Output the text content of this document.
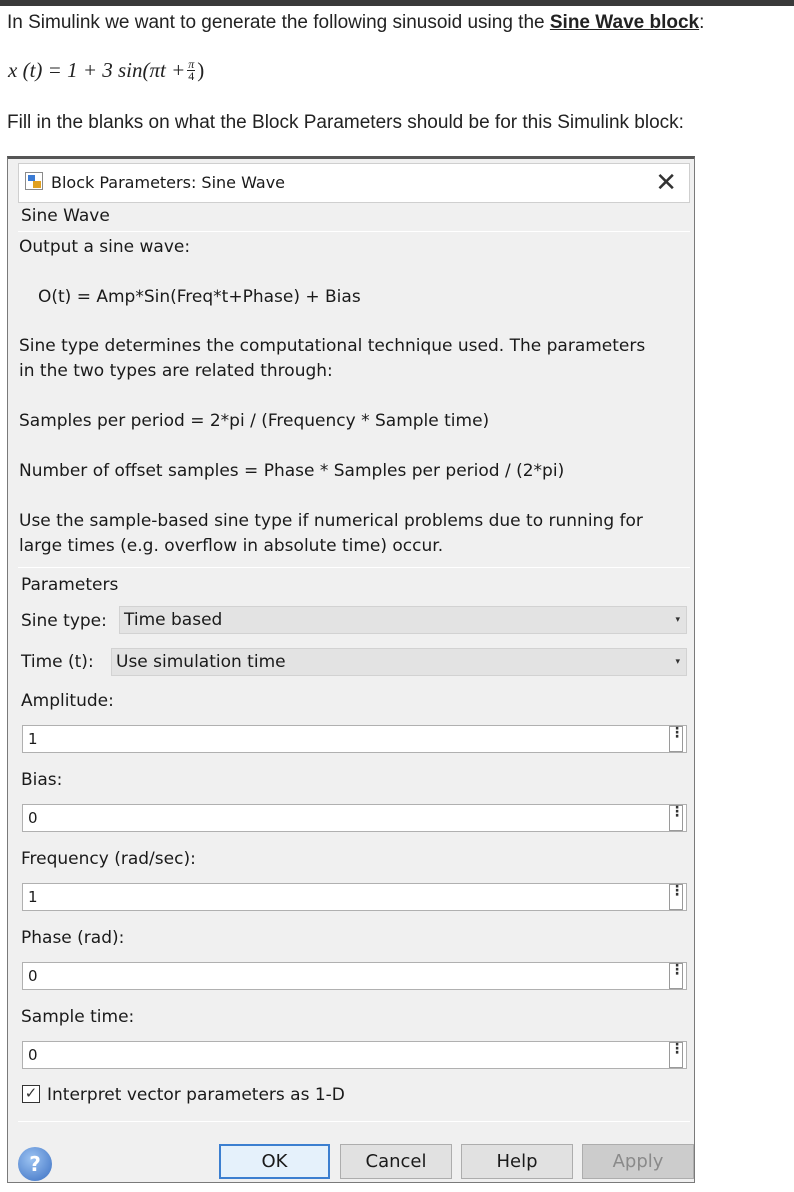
In Simulink we want to generate the following sinusoid using the Sine Wave block:
x (t) = 1 + 3 $\sin(\pi t + \frac{\pi}{4}$ )
Fill in the blanks on what the Block Parameters should be for this Simulink block:
Block Parameters: Sine Wave	✕
Sine Wave
Output a sine wave:
O(t) = Amp*Sin(Freq*t+Phase) + Bias
Sine type determines the computational technique used. The parameters
in the two types are related through:
Samples per period = 2*pi / (Frequency * Sample time)
Number of offset samples = Phase * Samples per period / (2*pi)
Use the sample-based sine type if numerical problems due to running for
large times (e.g. overflow in absolute time) occur.
Parameters
Sine type: Time based	▾
Time (t): Use simulation time	▾
Amplitude:
1	⋮
Bias:
0	⋮
Frequency (rad/sec):
1	⋮
Phase (rad):
0	⋮
Sample time:
0	⋮
✓ Interpret vector parameters as 1-D
?	OK	Cancel	Help	Apply
